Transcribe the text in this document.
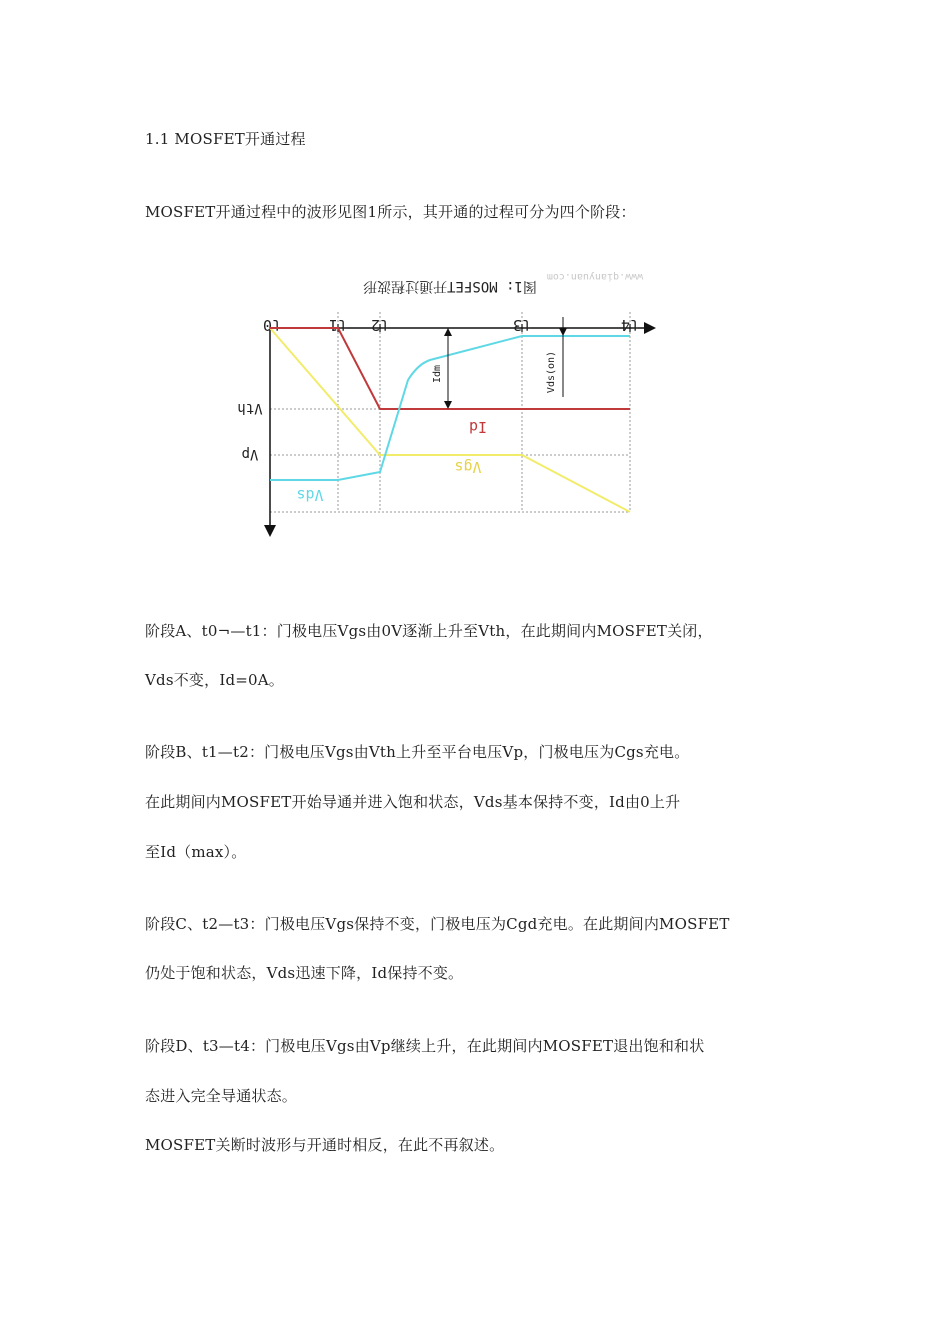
1.1 MOSFET开通过程
MOSFET开通过程中的波形见图1所示，其开通的过程可分为四个阶段：
图1: MOSFET开通过程波形
www.qianyuan.com
t0	t1 t2	t3	t4
Vth
Vp
Idm	Vds(on)
Id
Vgs
Vds
阶段A、t0¬—t1：门极电压Vgs由0V逐渐上升至Vth，在此期间内MOSFET关闭，
Vds不变，Id=0A。
阶段B、t1—t2：门极电压Vgs由Vth上升至平台电压Vp，门极电压为Cgs充电。
在此期间内MOSFET开始导通并进入饱和状态，Vds基本保持不变，Id由0上升
至Id（max）。
阶段C、t2—t3：门极电压Vgs保持不变，门极电压为Cgd充电。在此期间内MOSFET
仍处于饱和状态，Vds迅速下降，Id保持不变。
阶段D、t3—t4：门极电压Vgs由Vp继续上升，在此期间内MOSFET退出饱和和状
态进入完全导通状态。
MOSFET关断时波形与开通时相反，在此不再叙述。
